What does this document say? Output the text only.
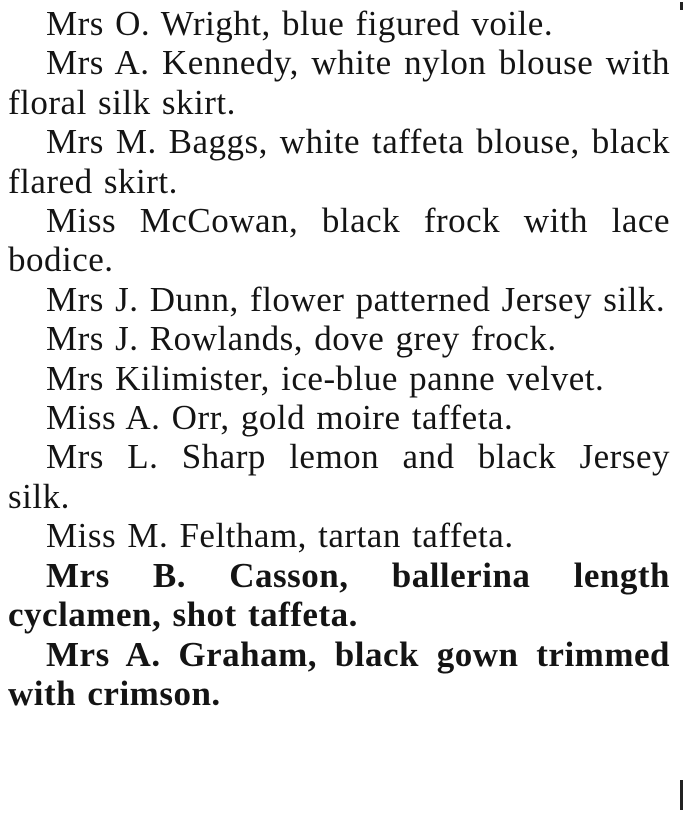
Mrs O. Wright, blue figured voile.

Mrs A. Kennedy, white nylon blouse with floral silk skirt.

Mrs M. Baggs, white taffeta blouse, black flared skirt.

Miss McCowan, black frock with lace bodice.

Mrs J. Dunn, flower patterned Jersey silk.

Mrs J. Rowlands, dove grey frock.

Mrs Kilimister, ice-blue panne velvet.

Miss A. Orr, gold moire taffeta.

Mrs L. Sharp lemon and black Jersey silk.

Miss M. Feltham, tartan taffeta.

Mrs B. Casson, ballerina length cyclamen, shot taffeta.

Mrs A. Graham, black gown trimmed with crimson.
